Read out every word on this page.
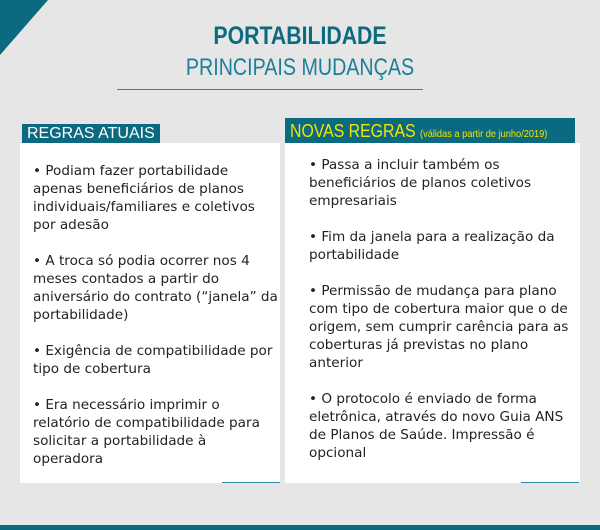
PORTABILIDADE
PRINCIPAIS MUDANÇAS
• Podiam fazer portabilidade apenas beneficiários de planos individuais/familiares e coletivos por adesão
• A troca só podia ocorrer nos 4 meses contados a partir do aniversário do contrato (“janela” da portabilidade)
• Exigência de compatibilidade por tipo de cobertura
• Era necessário imprimir o relatório de compatibilidade para solicitar a portabilidade à operadora
REGRAS ATUAIS
• Passa a incluir também os beneficiários de planos coletivos empresariais
• Fim da janela para a realização da portabilidade
• Permissão de mudança para plano com tipo de cobertura maior que o de origem, sem cumprir carência para as coberturas já previstas no plano anterior
• O protocolo é enviado de forma eletrônica, através do novo Guia ANS de Planos de Saúde. Impressão é opcional
NOVAS REGRAS (válidas a partir de junho/2019)
